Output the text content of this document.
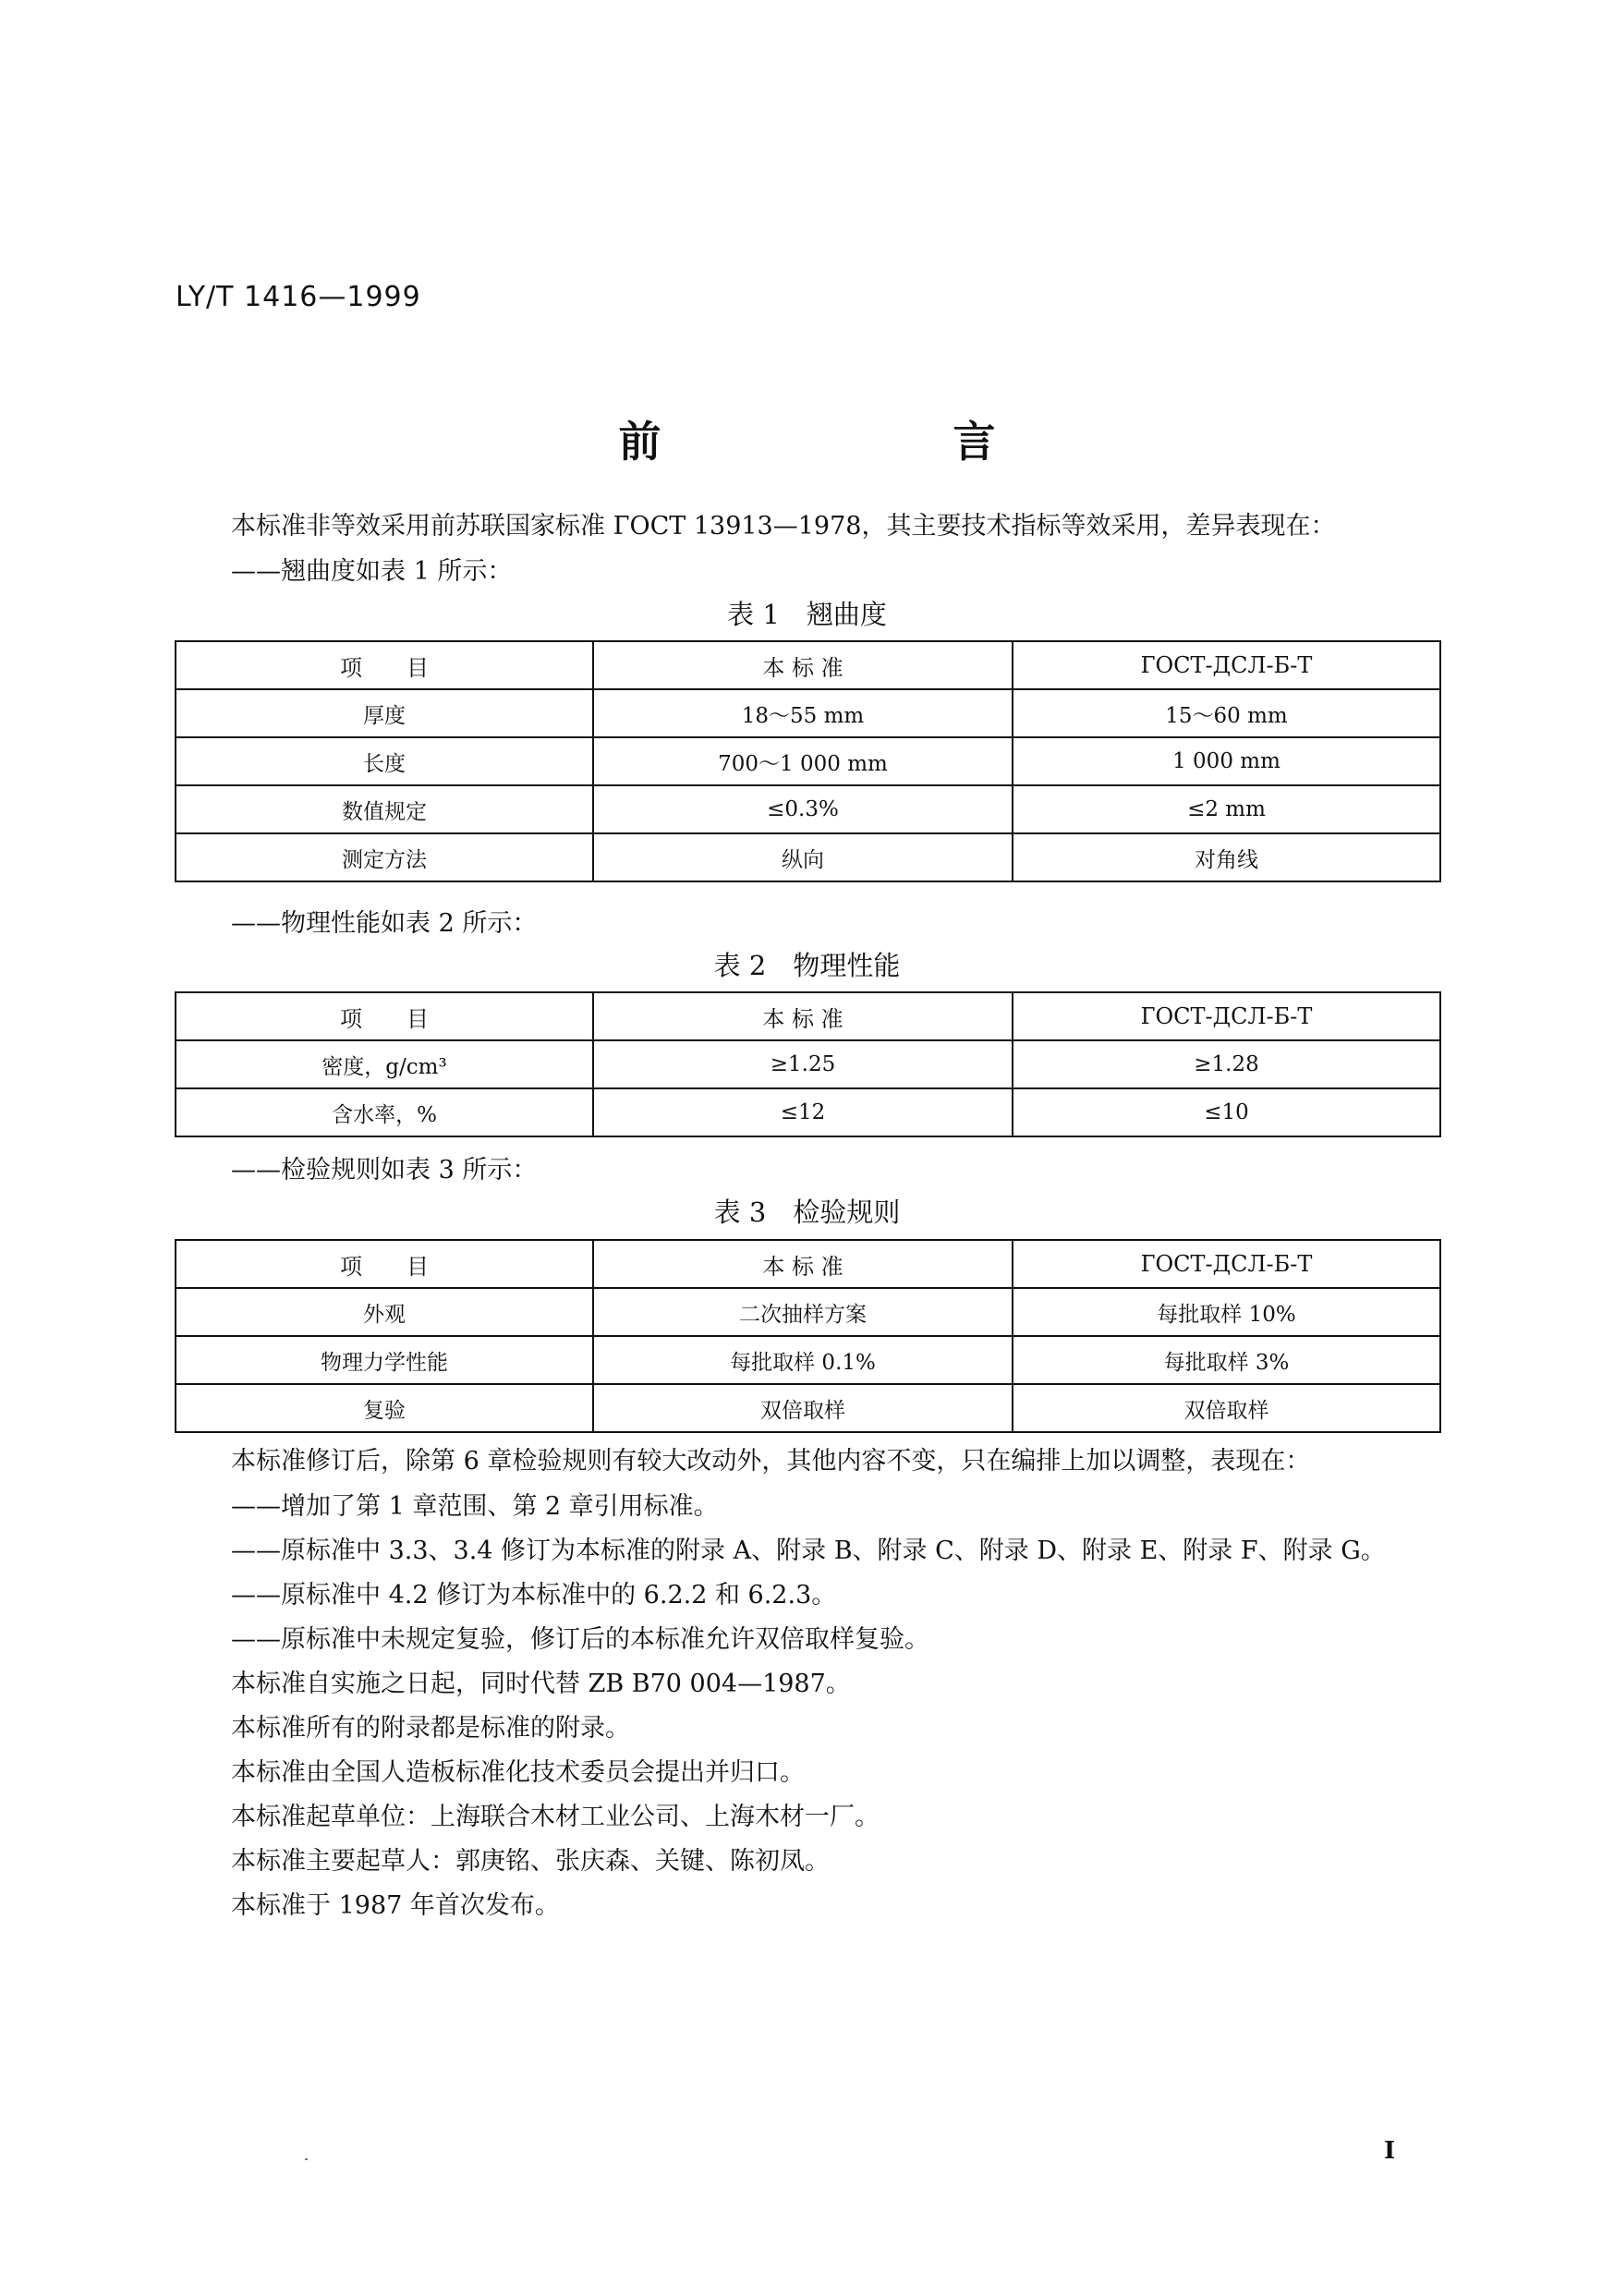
LY/T 1416—1999
前 言
本标准非等效采用前苏联国家标准 ГОСТ 13913—1978，其主要技术指标等效采用，差异表现在：
——翘曲度如表 1 所示：
表 1　翘曲度
项　　目	本 标 准	ГОСТ-ДСЛ-Б-Т
厚度	18～55 mm	15～60 mm
长度	700～1 000 mm	1 000 mm
数值规定	≤0.3%	≤2 mm
测定方法	纵向	对角线
——物理性能如表 2 所示：
表 2　物理性能
项　　目	本 标 准	ГОСТ-ДСЛ-Б-Т
密度，g/cm³	≥1.25	≥1.28
含水率，%	≤12	≤10
——检验规则如表 3 所示：
表 3　检验规则
项　　目	本 标 准	ГОСТ-ДСЛ-Б-Т
外观	二次抽样方案	每批取样 10%
物理力学性能	每批取样 0.1%	每批取样 3%
复验	双倍取样	双倍取样
本标准修订后，除第 6 章检验规则有较大改动外，其他内容不变，只在编排上加以调整，表现在：
——增加了第 1 章范围、第 2 章引用标准。
——原标准中 3.3、3.4 修订为本标准的附录 A、附录 B、附录 C、附录 D、附录 E、附录 F、附录 G。
——原标准中 4.2 修订为本标准中的 6.2.2 和 6.2.3。
——原标准中未规定复验，修订后的本标准允许双倍取样复验。
本标准自实施之日起，同时代替 ZB B70 004—1987。
本标准所有的附录都是标准的附录。
本标准由全国人造板标准化技术委员会提出并归口。
本标准起草单位：上海联合木材工业公司、上海木材一厂。
本标准主要起草人：郭庚铭、张庆森、关键、陈初凤。
本标准于 1987 年首次发布。
Ⅰ
